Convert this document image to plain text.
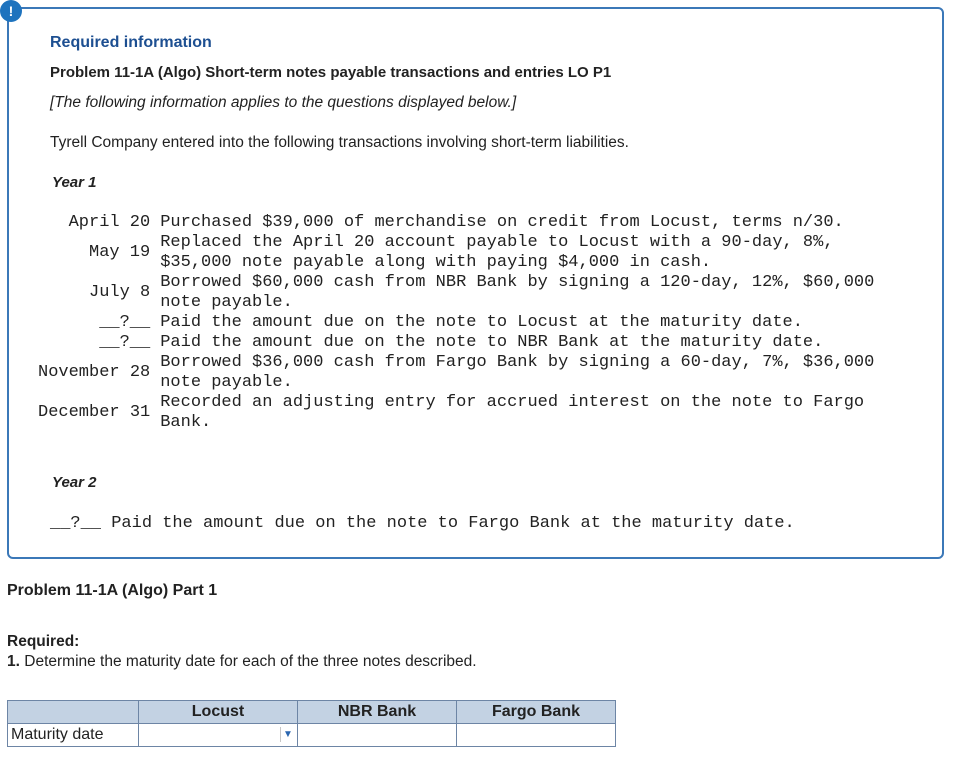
!
Required information
Problem 11-1A (Algo) Short-term notes payable transactions and entries LO P1
[The following information applies to the questions displayed below.]
Tyrell Company entered into the following transactions involving short-term liabilities.
Year 1
April 20	Purchased $39,000 of merchandise on credit from Locust, terms n/30.
May 19	Replaced the April 20 account payable to Locust with a 90-day, 8%, $35,000 note payable along with paying $4,000 in cash.
July 8	Borrowed $60,000 cash from NBR Bank by signing a 120-day, 12%, $60,000 note payable.
__?__	Paid the amount due on the note to Locust at the maturity date.
__?__	Paid the amount due on the note to NBR Bank at the maturity date.
November 28	Borrowed $36,000 cash from Fargo Bank by signing a 60-day, 7%, $36,000 note payable.
December 31	Recorded an adjusting entry for accrued interest on the note to Fargo Bank.
Year 2
__?__ Paid the amount due on the note to Fargo Bank at the maturity date.
Problem 11-1A (Algo) Part 1
Required:
1. Determine the maturity date for each of the three notes described.
	Locust	NBR Bank	Fargo Bank
Maturity date	▼
